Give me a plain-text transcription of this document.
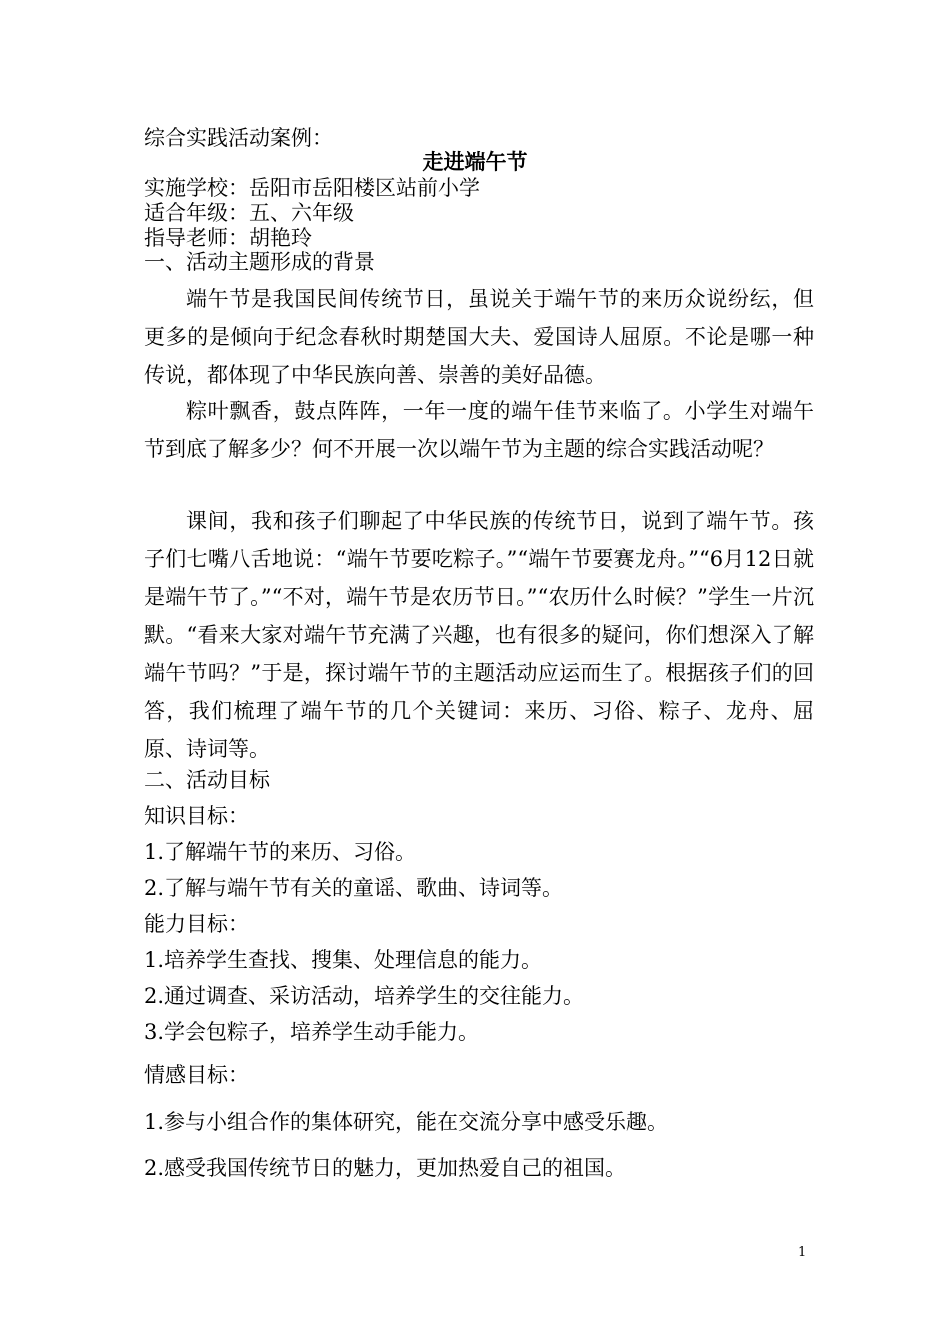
综合实践活动案例：
走进端午节
实施学校：岳阳市岳阳楼区站前小学
适合年级：五、六年级
指导老师：胡艳玲
一、活动主题形成的背景
端午节是我国民间传统节日，虽说关于端午节的来历众说纷纭，但更多的是倾向于纪念春秋时期楚国大夫、爱国诗人屈原。不论是哪一种传说，都体现了中华民族向善、崇善的美好品德。
粽叶飘香，鼓点阵阵，一年一度的端午佳节来临了。小学生对端午节到底了解多少？何不开展一次以端午节为主题的综合实践活动呢？
课间，我和孩子们聊起了中华民族的传统节日，说到了端午节。孩子们七嘴八舌地说：“端午节要吃粽子。”“端午节要赛龙舟。”“6月12日就是端午节了。”“不对，端午节是农历节日。”“农历什么时候？”学生一片沉默。“看来大家对端午节充满了兴趣，也有很多的疑问，你们想深入了解端午节吗？”于是，探讨端午节的主题活动应运而生了。根据孩子们的回答，我们梳理了端午节的几个关键词：来历、习俗、粽子、龙舟、屈原、诗词等。
二、活动目标
知识目标：
1.了解端午节的来历、习俗。
2.了解与端午节有关的童谣、歌曲、诗词等。
能力目标：
1.培养学生查找、搜集、处理信息的能力。
2.通过调查、采访活动，培养学生的交往能力。
3.学会包粽子，培养学生动手能力。
情感目标：
1.参与小组合作的集体研究，能在交流分享中感受乐趣。
2.感受我国传统节日的魅力，更加热爱自己的祖国。
1
